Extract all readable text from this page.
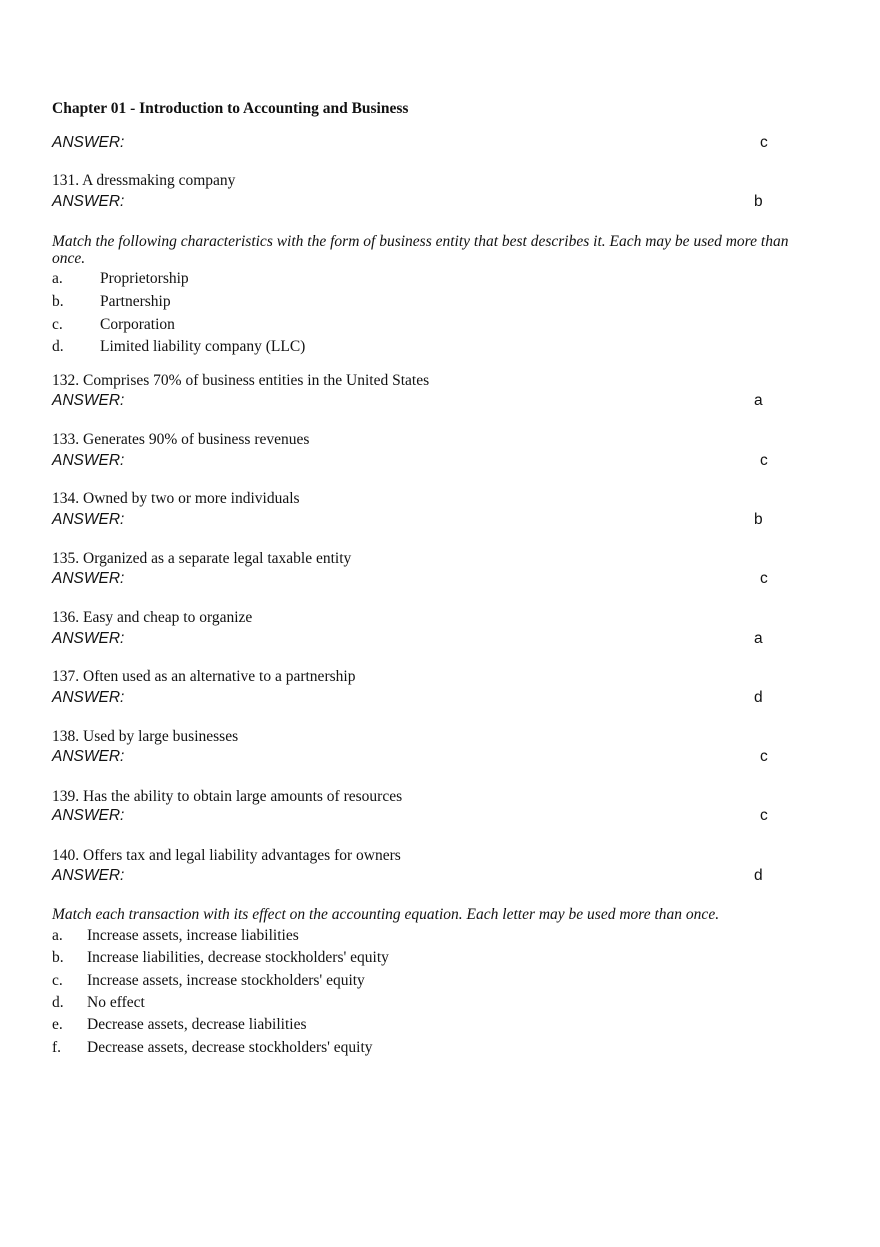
Chapter 01 - Introduction to Accounting and Business
ANSWER:	c
131. A dressmaking company
ANSWER:	b
Match the following characteristics with the form of business entity that best describes it. Each may be used more than once.
a. Proprietorship
b. Partnership
c. Corporation
d. Limited liability company (LLC)
132. Comprises 70% of business entities in the United States
ANSWER:	a
133. Generates 90% of business revenues
ANSWER:	c
134. Owned by two or more individuals
ANSWER:	b
135. Organized as a separate legal taxable entity
ANSWER:	c
136. Easy and cheap to organize
ANSWER:	a
137. Often used as an alternative to a partnership
ANSWER:	d
138. Used by large businesses
ANSWER:	c
139. Has the ability to obtain large amounts of resources
ANSWER:	c
140. Offers tax and legal liability advantages for owners
ANSWER:	d
Match each transaction with its effect on the accounting equation. Each letter may be used more than once.
a. Increase assets, increase liabilities
b. Increase liabilities, decrease stockholders' equity
c. Increase assets, increase stockholders' equity
d. No effect
e. Decrease assets, decrease liabilities
f. Decrease assets, decrease stockholders' equity
